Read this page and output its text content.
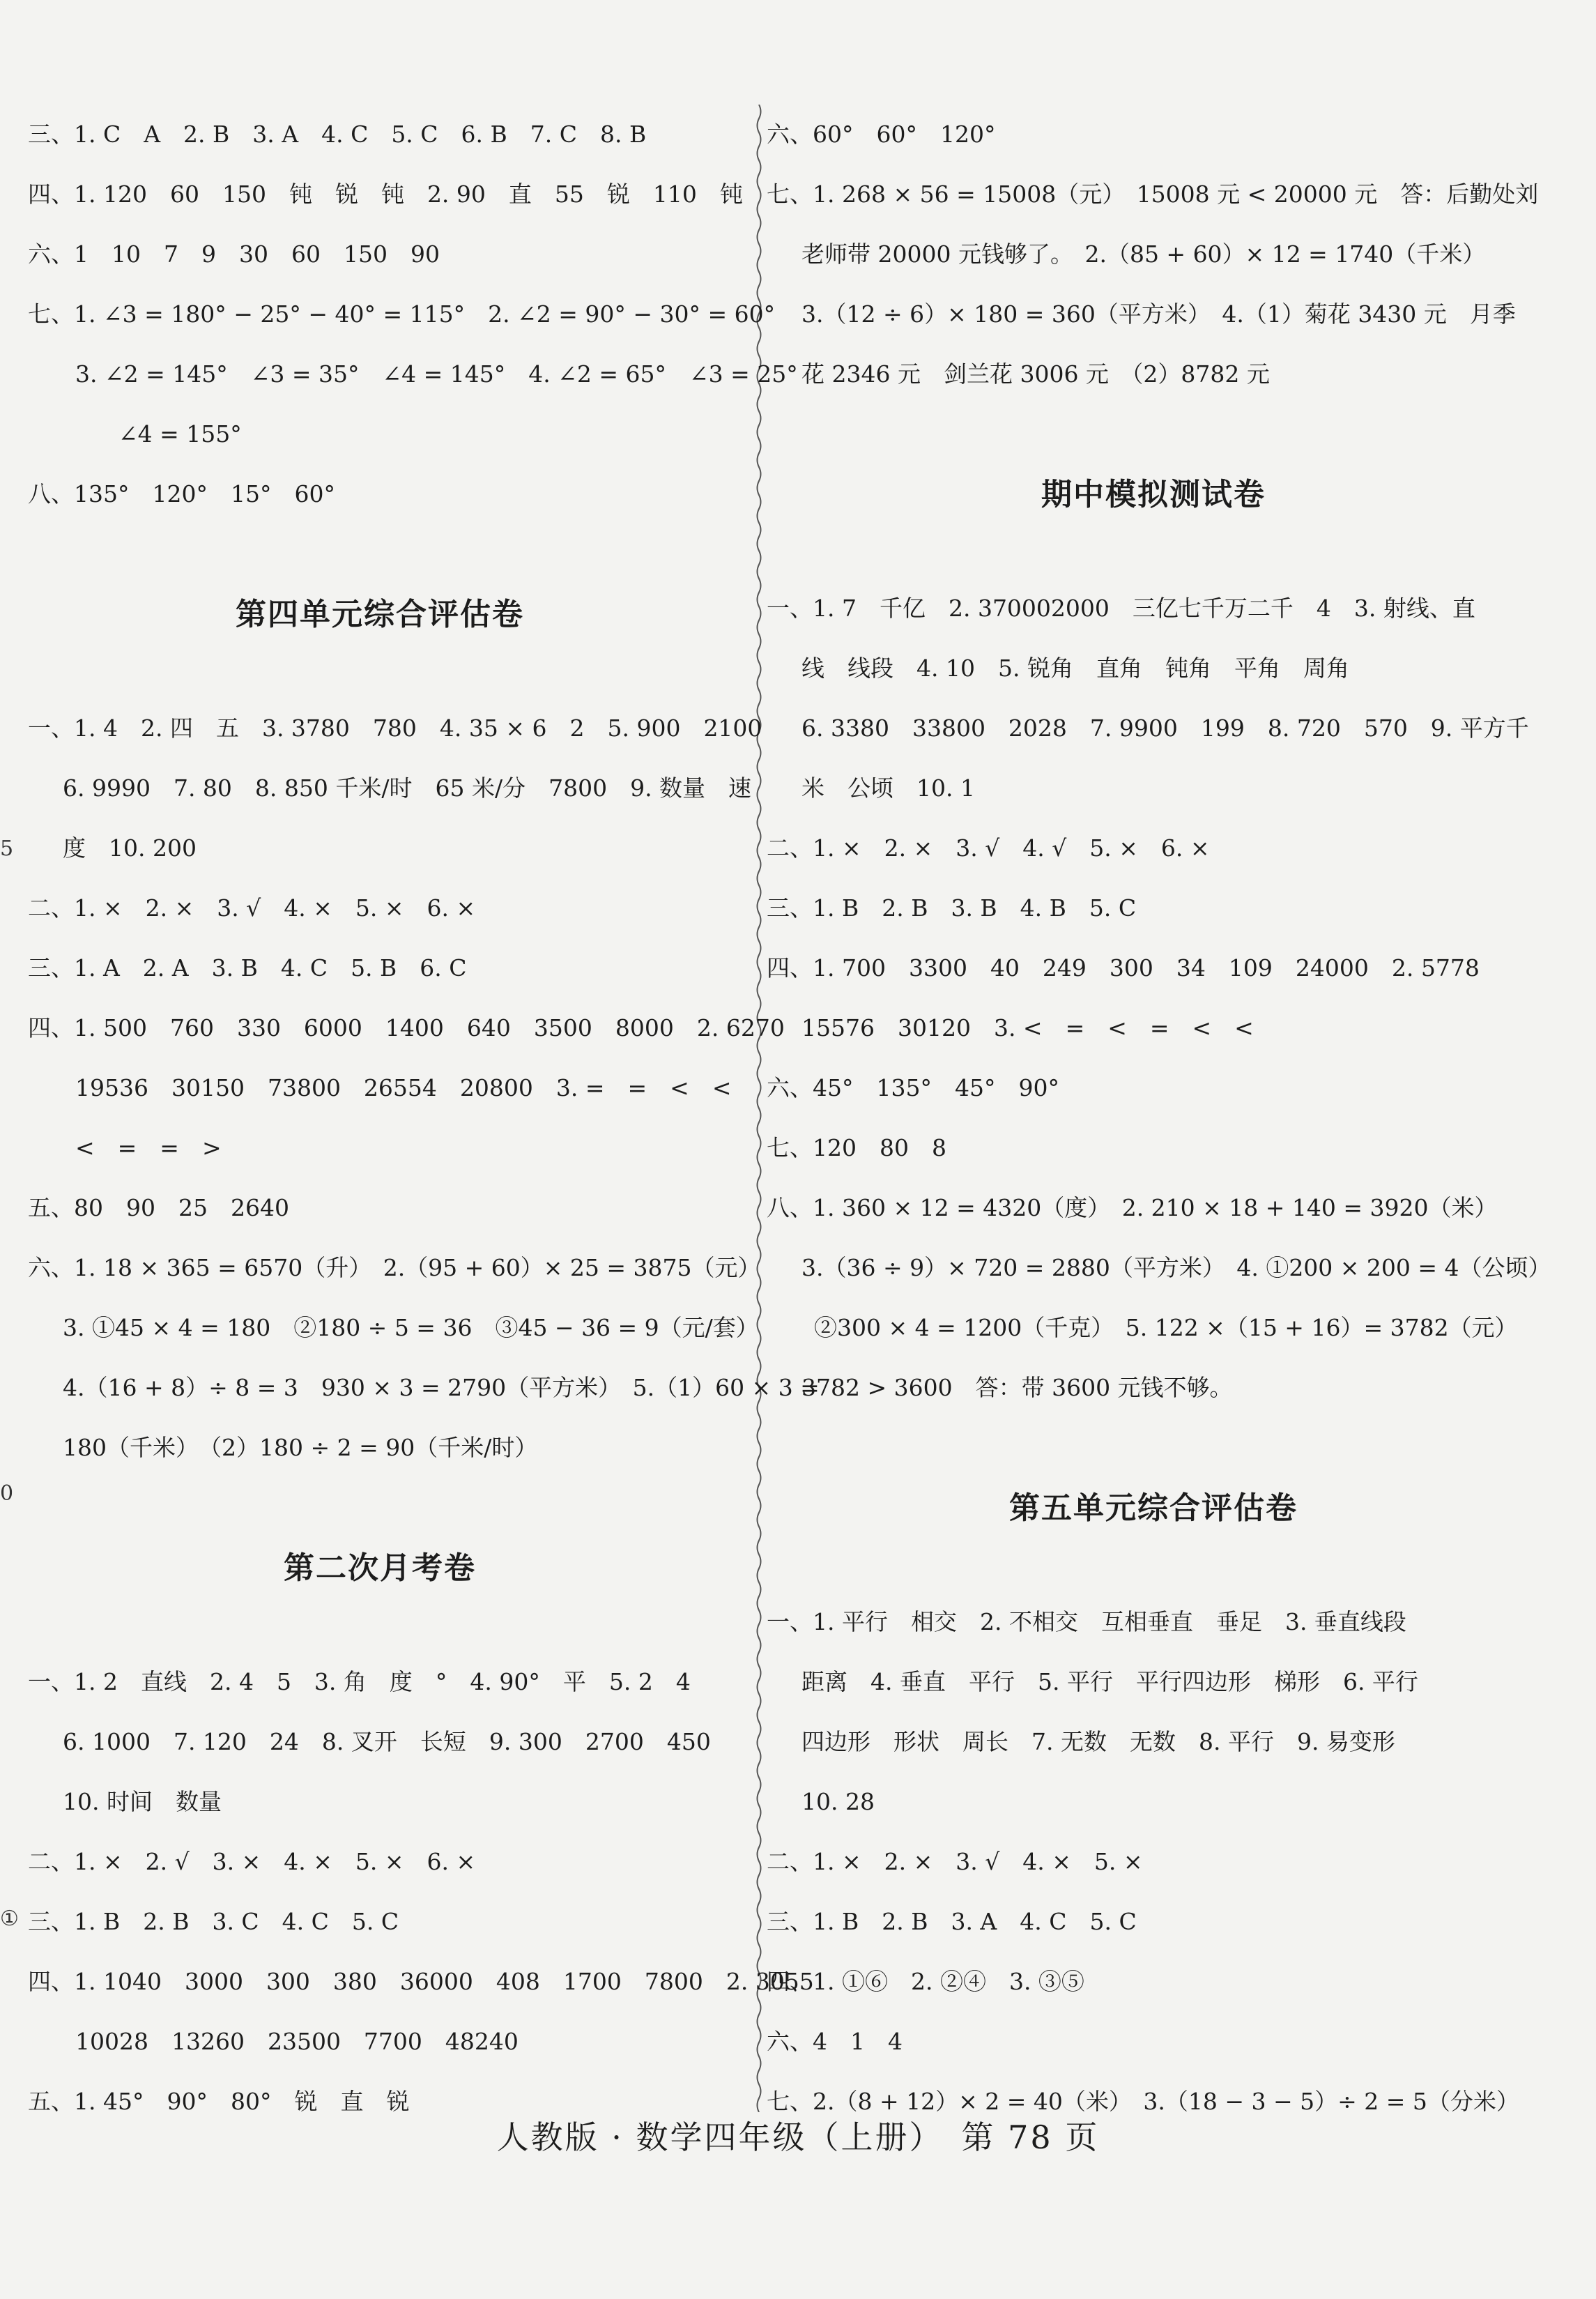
5
0
①
三、1. C　A　2. B　3. A　4. C　5. C　6. B　7. C　8. B
四、1. 120　60　150　钝　锐　钝　2. 90　直　55　锐　110　钝
六、1　10　7　9　30　60　150　90
七、1. ∠3 = 180° − 25° − 40° = 115°　2. ∠2 = 90° − 30° = 60°
3. ∠2 = 145°　∠3 = 35°　∠4 = 145°　4. ∠2 = 65°　∠3 = 25°
∠4 = 155°
八、135°　120°　15°　60°
第四单元综合评估卷
一、1. 4　2. 四　五　3. 3780　780　4. 35 × 6　2　5. 900　2100
6. 9990　7. 80　8. 850 千米/时　65 米/分　7800　9. 数量　速
度　10. 200
二、1. ×　2. ×　3. √　4. ×　5. ×　6. ×
三、1. A　2. A　3. B　4. C　5. B　6. C
四、1. 500　760　330　6000　1400　640　3500　8000　2. 6270
19536　30150　73800　26554　20800　3. =　=　<　<
<　=　=　>
五、80　90　25　2640
六、1. 18 × 365 = 6570（升）　2.（95 + 60）× 25 = 3875（元）
3. ①45 × 4 = 180　②180 ÷ 5 = 36　③45 − 36 = 9（元/套）
4.（16 + 8）÷ 8 = 3　930 × 3 = 2790（平方米）　5.（1）60 × 3 =
180（千米）　（2）180 ÷ 2 = 90（千米/时）
第二次月考卷
一、1. 2　直线　2. 4　5　3. 角　度　°　4. 90°　平　5. 2　4
6. 1000　7. 120　24　8. 叉开　长短　9. 300　2700　450
10. 时间　数量
二、1. ×　2. √　3. ×　4. ×　5. ×　6. ×
三、1. B　2. B　3. C　4. C　5. C
四、1. 1040　3000　300　380　36000　408　1700　7800　2. 3055
10028　13260　23500　7700　48240
五、1. 45°　90°　80°　锐　直　锐
六、60°　60°　120°
七、1. 268 × 56 = 15008（元）　15008 元 < 20000 元　答：后勤处刘
老师带 20000 元钱够了。　2.（85 + 60）× 12 = 1740（千米）
3.（12 ÷ 6）× 180 = 360（平方米）　4.（1）菊花 3430 元　月季
花 2346 元　剑兰花 3006 元　（2）8782 元
期中模拟测试卷
一、1. 7　千亿　2. 370002000　三亿七千万二千　4　3. 射线、直
线　线段　4. 10　5. 锐角　直角　钝角　平角　周角
6. 3380　33800　2028　7. 9900　199　8. 720　570　9. 平方千
米　公顷　10. 1
二、1. ×　2. ×　3. √　4. √　5. ×　6. ×
三、1. B　2. B　3. B　4. B　5. C
四、1. 700　3300　40　249　300　34　109　24000　2. 5778
15576　30120　3. <　=　<　=　<　<
六、45°　135°　45°　90°
七、120　80　8
八、1. 360 × 12 = 4320（度）　2. 210 × 18 + 140 = 3920（米）
3.（36 ÷ 9）× 720 = 2880（平方米）　4. ①200 × 200 = 4（公顷）
②300 × 4 = 1200（千克）　5. 122 ×（15 + 16）= 3782（元）
3782 > 3600　答：带 3600 元钱不够。
第五单元综合评估卷
一、1. 平行　相交　2. 不相交　互相垂直　垂足　3. 垂直线段
距离　4. 垂直　平行　5. 平行　平行四边形　梯形　6. 平行
四边形　形状　周长　7. 无数　无数　8. 平行　9. 易变形
10. 28
二、1. ×　2. ×　3. √　4. ×　5. ×
三、1. B　2. B　3. A　4. C　5. C
四、1. ①⑥　2. ②④　3. ③⑤
六、4　1　4
七、2.（8 + 12）× 2 = 40（米）　3.（18 − 3 − 5）÷ 2 = 5（分米）
人教版 · 数学四年级（上册）　第 78 页
